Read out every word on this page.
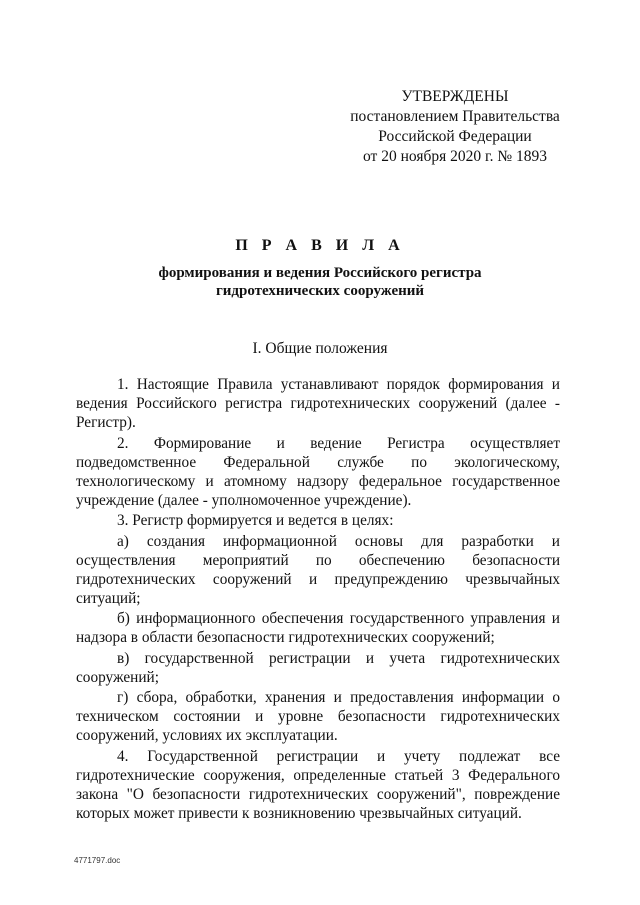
УТВЕРЖДЕНЫ
постановлением Правительства
Российской Федерации
от 20 ноября 2020 г. № 1893
П Р А В И Л А
формирования и ведения Российского регистра
гидротехнических сооружений
I. Общие положения

1. Настоящие Правила устанавливают порядок формирования и ведения Российского регистра гидротехнических сооружений (далее - Регистр).

2. Формирование и ведение Регистра осуществляет подведомственное Федеральной службе по экологическому, технологическому и атомному надзору федеральное государственное учреждение (далее - уполномоченное учреждение).

3. Регистр формируется и ведется в целях:

а) создания информационной основы для разработки и осуществления мероприятий по обеспечению безопасности гидротехнических сооружений и предупреждению чрезвычайных ситуаций;

б) информационного обеспечения государственного управления и надзора в области безопасности гидротехнических сооружений;

в) государственной регистрации и учета гидротехнических сооружений;

г) сбора, обработки, хранения и предоставления информации о техническом состоянии и уровне безопасности гидротехнических сооружений, условиях их эксплуатации.

4. Государственной регистрации и учету подлежат все гидротехнические сооружения, определенные статьей 3 Федерального закона "О безопасности гидротехнических сооружений", повреждение которых может привести к возникновению чрезвычайных ситуаций.

4771797.doc
